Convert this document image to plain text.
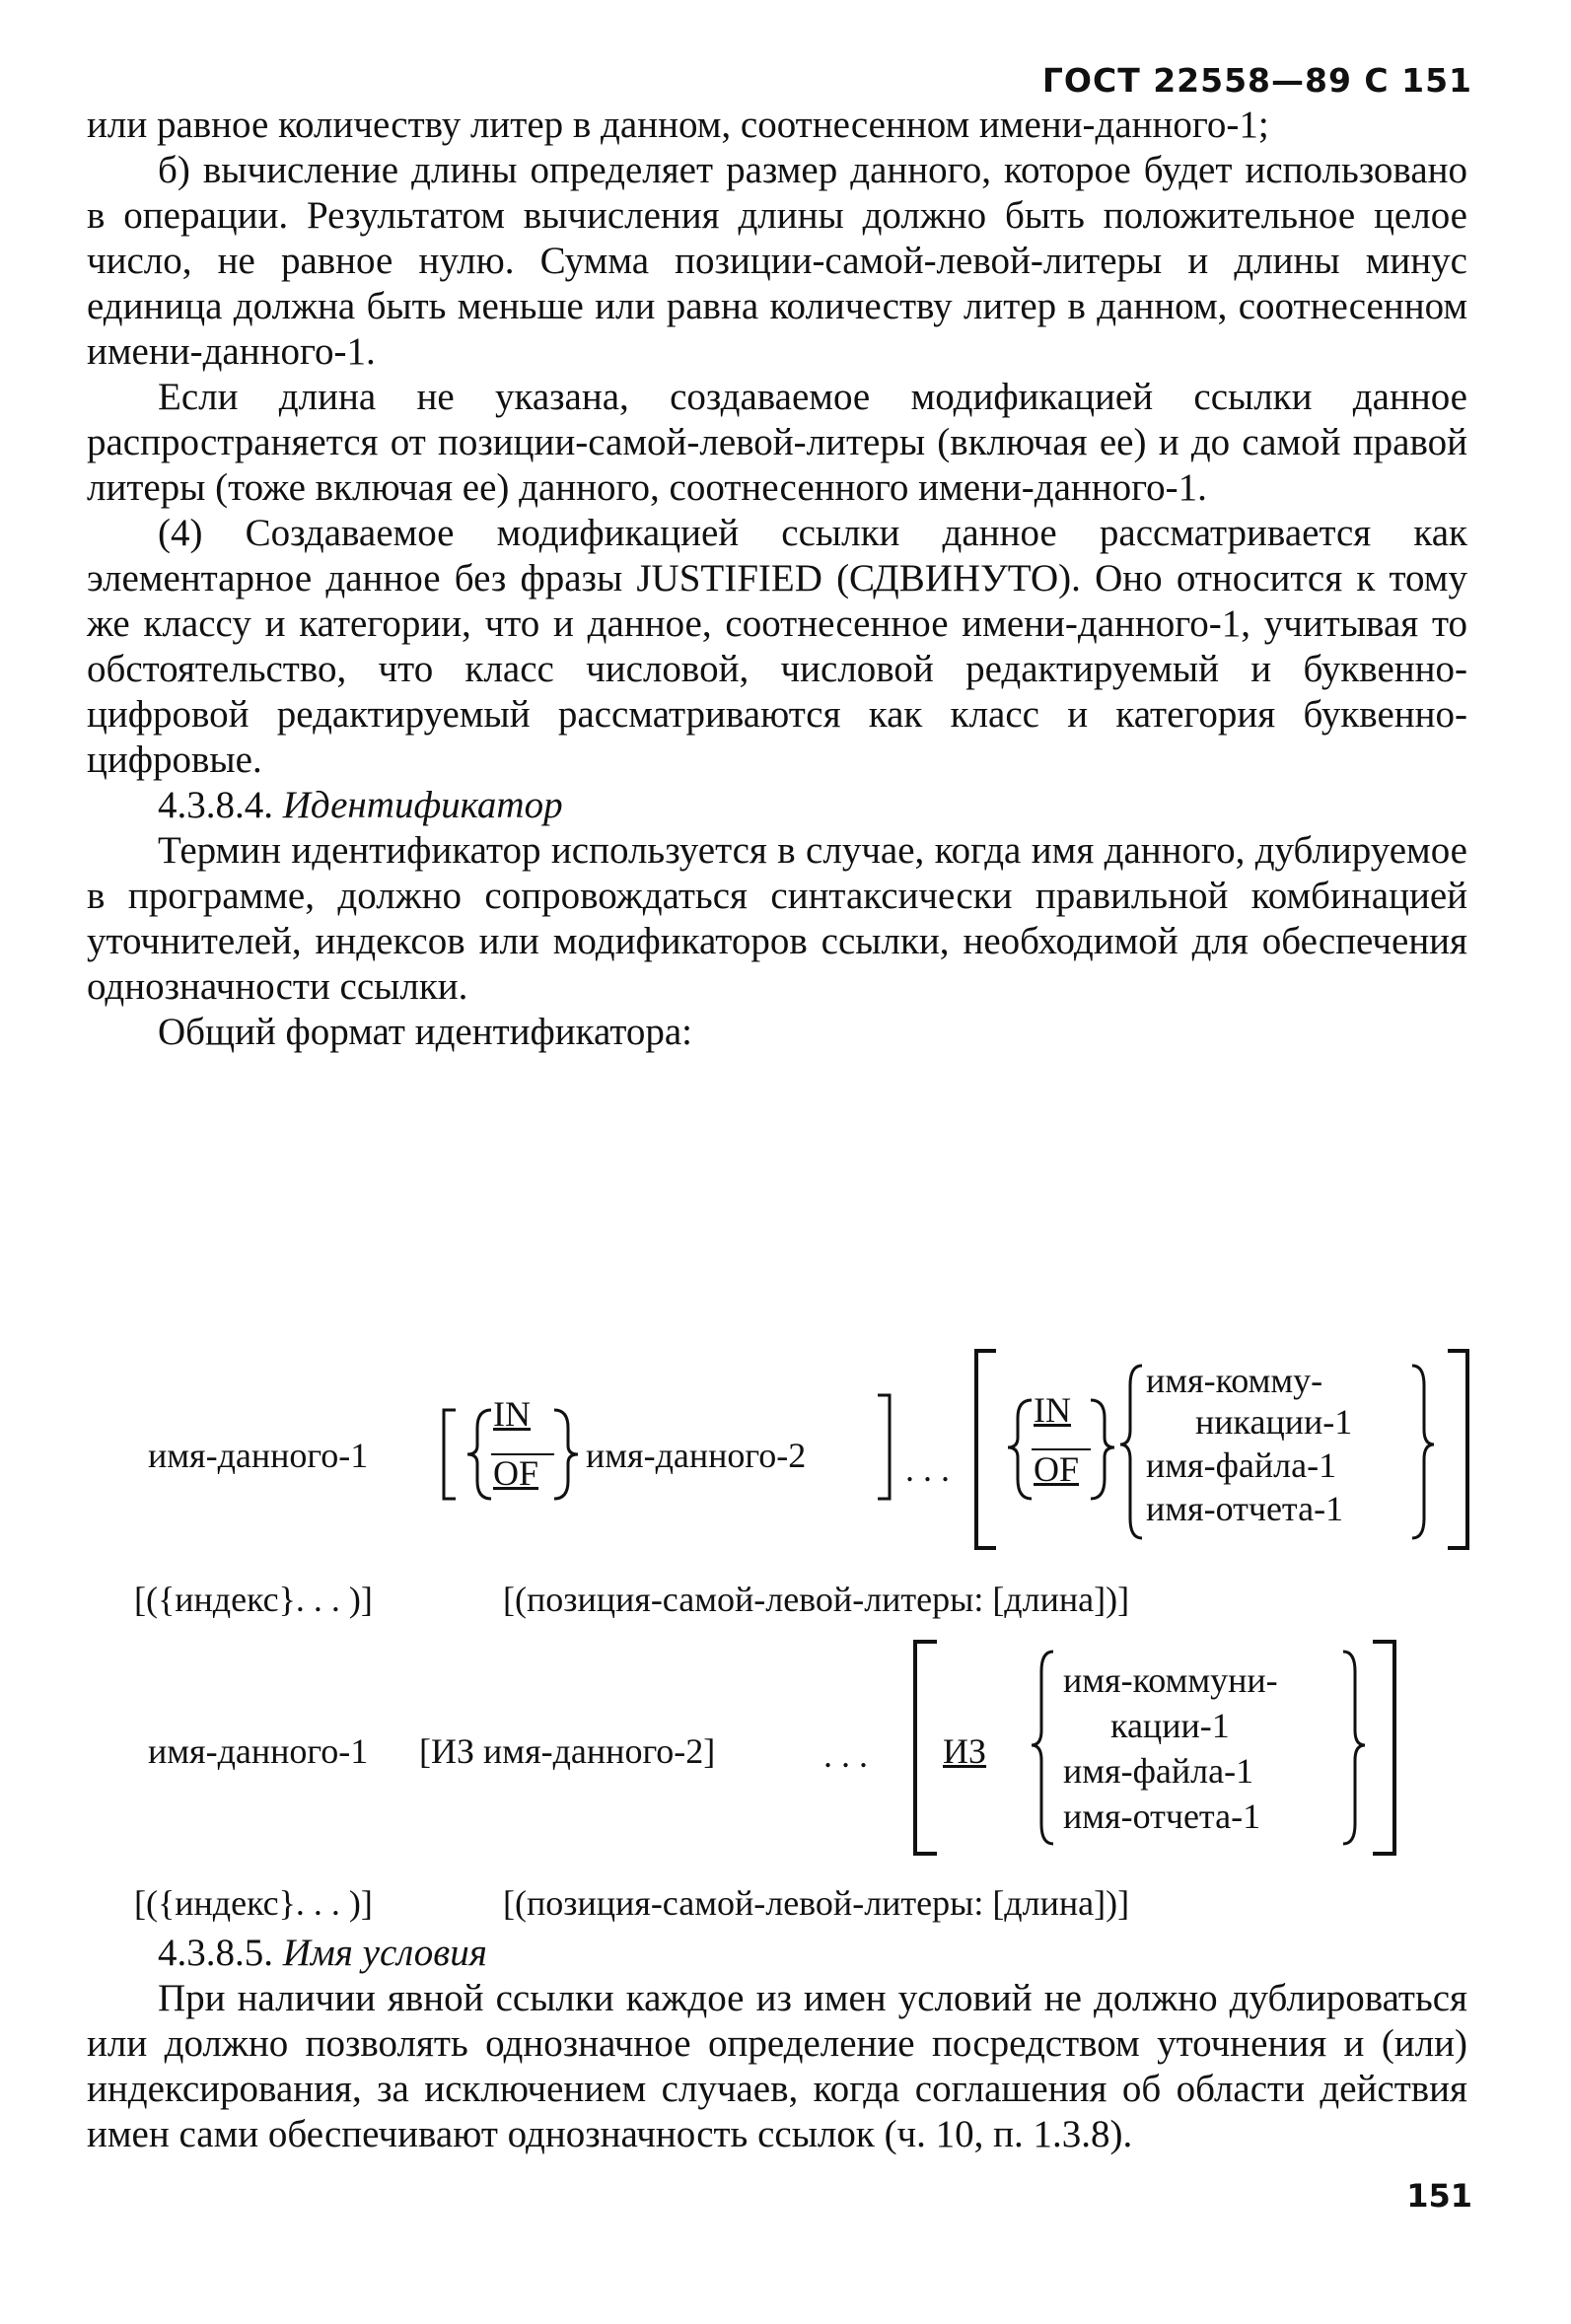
ГОСТ 22558—89 С 151

или равное количеству литер в данном, соотнесенном имени-данного-1;

б) вычисление длины определяет размер данного, которое будет использовано в операции. Результатом вычисления длины должно быть положительное целое число, не равное нулю. Сумма позиции-самой-левой-литеры и длины минус единица должна быть меньше или равна количеству литер в данном, соотнесенном имени-данного-1.

Если длина не указана, создаваемое модификацией ссылки данное распространяется от позиции-самой-левой-литеры (включая ее) и до самой правой литеры (тоже включая ее) данного, соотнесенного имени-данного-1.

(4) Создаваемое модификацией ссылки данное рассматривается как элементарное данное без фразы JUSTIFIED (СДВИНУТО). Оно относится к тому же классу и категории, что и данное, соотнесенное имени-данного-1, учитывая то обстоятельство, что класс числовой, числовой редактируемый и буквенно-цифровой редактируемый рассматриваются как класс и категория буквенно-цифровые.

4.3.8.4. Идентификатор

Термин идентификатор используется в случае, когда имя данного, дублируемое в программе, должно сопровождаться синтаксически правильной комбинацией уточнителей, индексов или модификаторов ссылки, необходимой для обеспечения однозначности ссылки.

Общий формат идентификатора:

имя-данного-1
IN
OF имя-данного-2	. . .
IN
OF
имя-комму-
никации-1
имя-файла-1
имя-отчета-1
[({индекс}. . . )]	[(позиция-самой-левой-литеры: [длина])]
имя-данного-1 [ИЗ имя-данного-2]	. . . ИЗ
имя-коммуни-
кации-1
имя-файла-1
имя-отчета-1
[({индекс}. . . )]	[(позиция-самой-левой-литеры: [длина])]
4.3.8.5. Имя условия

При наличии явной ссылки каждое из имен условий не должно дублироваться или должно позволять однозначное определение посредством уточнения и (или) индексирования, за исключением случаев, когда соглашения об области действия имен сами обеспечивают однозначность ссылок (ч. 10, п. 1.3.8).

151
